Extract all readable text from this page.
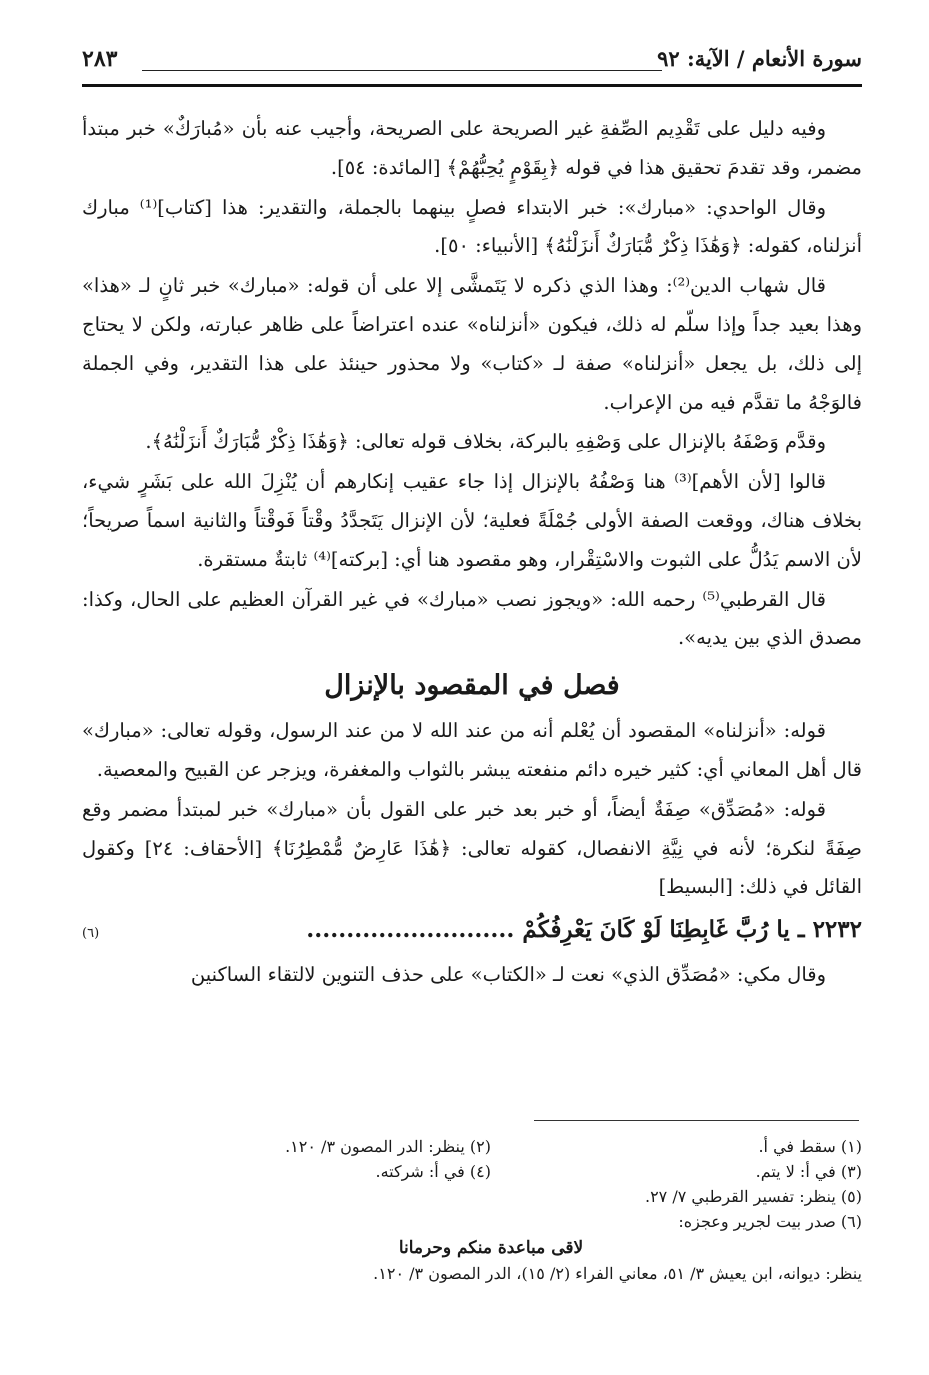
سورة الأنعام / الآية: ٩٢
٢٨٣

وفيه دليل على تَقْدِيم الصِّفةِ غير الصريحة على الصريحة، وأجيب عنه بأن «مُبارَكٌ» خبر مبتدأ مضمر، وقد تقدمَ تحقيق هذا في قوله ﴿بِقَوْمٍ يُحِبُّهُمْ﴾ [المائدة: ٥٤].

وقال الواحدي: «مبارك»: خبر الابتداء فصلٍ بينهما بالجملة، والتقدير: هذا [كتاب]⁽¹⁾ مبارك أنزلناه، كقوله: ﴿وَهَٰذَا ذِكْرٌ مُّبَارَكٌ أَنزَلْنَٰهُ﴾ [الأنبياء: ٥٠].

قال شهاب الدين⁽²⁾: وهذا الذي ذكره لا يَتَمشَّى إلا على أن قوله: «مبارك» خبر ثانٍ لـ «هذا» وهذا بعيد جداً وإذا سلّم له ذلك، فيكون «أنزلناه» عنده اعتراضاً على ظاهر عبارته، ولكن لا يحتاج إلى ذلك، بل يجعل «أنزلناه» صفة لـ «كتاب» ولا محذور حينئذ على هذا التقدير، وفي الجملة فالوَجْهُ ما تقدَّم فيه من الإعراب.

وقدَّم وَصْفَهُ بالإنزال على وَصْفِهِ بالبركة، بخلاف قوله تعالى: ﴿وَهَٰذَا ذِكْرٌ مُّبَارَكٌ أَنزَلْنَٰهُ﴾.

قالوا [لأن الأهم]⁽³⁾ هنا وَصْفُهُ بالإنزال إذا جاء عقيب إنكارهم أن يُنْزِلَ الله على بَشَرٍ شيء، بخلاف هناك، ووقعت الصفة الأولى جُمْلَةً فعلية؛ لأن الإنزال يَتَجدَّدُ وقْتاً فَوقْتاً والثانية اسماً صريحاً؛ لأن الاسم يَدُلُّ على الثبوت والاسْتِقْرار، وهو مقصود هنا أي: [بركته]⁽⁴⁾ ثابتةٌ مستقرة.

قال القرطبي⁽⁵⁾ رحمه الله: «ويجوز نصب «مبارك» في غير القرآن العظيم على الحال، وكذا: مصدق الذي بين يديه».

فصل في المقصود بالإنزال

قوله: «أنزلناه» المقصود أن يُعْلم أنه من عند الله لا من عند الرسول، وقوله تعالى: «مبارك» قال أهل المعاني أي: كثير خيره دائم منفعته يبشر بالثواب والمغفرة، ويزجر عن القبيح والمعصية.

قوله: «مُصَدِّق» صِفَةٌ أيضاً، أو خبر بعد خبر على القول بأن «مبارك» خبر لمبتدأ مضمر وقع صِفَةً لنكرة؛ لأنه في نِيَّةِ الانفصال، كقوله تعالى: ﴿هَٰذَا عَارِضٌ مُّمْطِرُنَا﴾ [الأحقاف: ٢٤] وكقول القائل في ذلك: [البسيط]

٢٢٣٢ ـ يا رُبَّ غَابِطِنَا لَوْ كَانَ يَعْرِفُكُمْ ..........................
(٦)

وقال مكي: «مُصَدِّق الذي» نعت لـ «الكتاب» على حذف التنوين لالتقاء الساكنين

(١) سقط في أ.
(٢) ينظر: الدر المصون ٣/ ١٢٠.
(٣) في أ: لا يتم.
(٤) في أ: شركته.
(٥) ينظر: تفسير القرطبي ٧/ ٢٧.
(٦) صدر بيت لجرير وعجزه:
لاقى مباعدة منكم وحرمانا
ينظر: ديوانه، ابن يعيش ٣/ ٥١، معاني الفراء (٢/ ١٥)، الدر المصون ٣/ ١٢٠.
